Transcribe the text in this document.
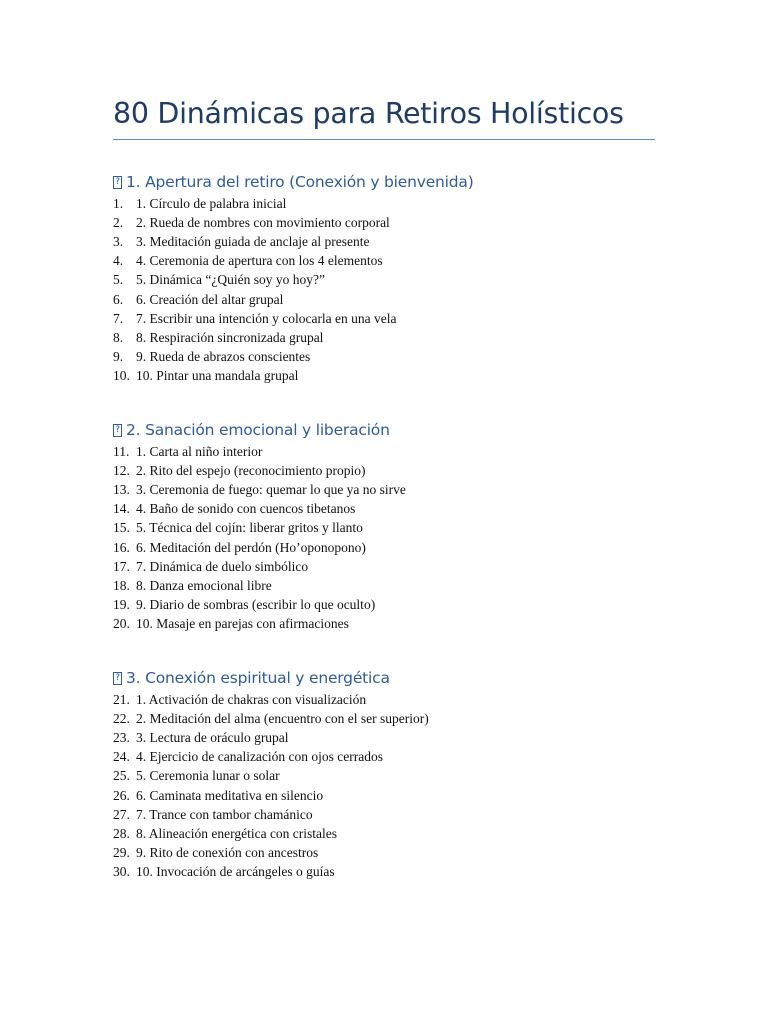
80 Dinámicas para Retiros Holísticos
?
1. Apertura del retiro (Conexión y bienvenida)
1. 1. Círculo de palabra inicial
2. 2. Rueda de nombres con movimiento corporal
3. 3. Meditación guiada de anclaje al presente
4. 4. Ceremonia de apertura con los 4 elementos
5. 5. Dinámica “¿Quién soy yo hoy?”
6. 6. Creación del altar grupal
7. 7. Escribir una intención y colocarla en una vela
8. 8. Respiración sincronizada grupal
9. 9. Rueda de abrazos conscientes
10. 10. Pintar una mandala grupal
?
2. Sanación emocional y liberación
11. 1. Carta al niño interior
12. 2. Rito del espejo (reconocimiento propio)
13. 3. Ceremonia de fuego: quemar lo que ya no sirve
14. 4. Baño de sonido con cuencos tibetanos
15. 5. Técnica del cojín: liberar gritos y llanto
16. 6. Meditación del perdón (Ho’oponopono)
17. 7. Dinámica de duelo simbólico
18. 8. Danza emocional libre
19. 9. Diario de sombras (escribir lo que oculto)
20. 10. Masaje en parejas con afirmaciones
?
3. Conexión espiritual y energética
21. 1. Activación de chakras con visualización
22. 2. Meditación del alma (encuentro con el ser superior)
23. 3. Lectura de oráculo grupal
24. 4. Ejercicio de canalización con ojos cerrados
25. 5. Ceremonia lunar o solar
26. 6. Caminata meditativa en silencio
27. 7. Trance con tambor chamánico
28. 8. Alineación energética con cristales
29. 9. Rito de conexión con ancestros
30. 10. Invocación de arcángeles o guías
